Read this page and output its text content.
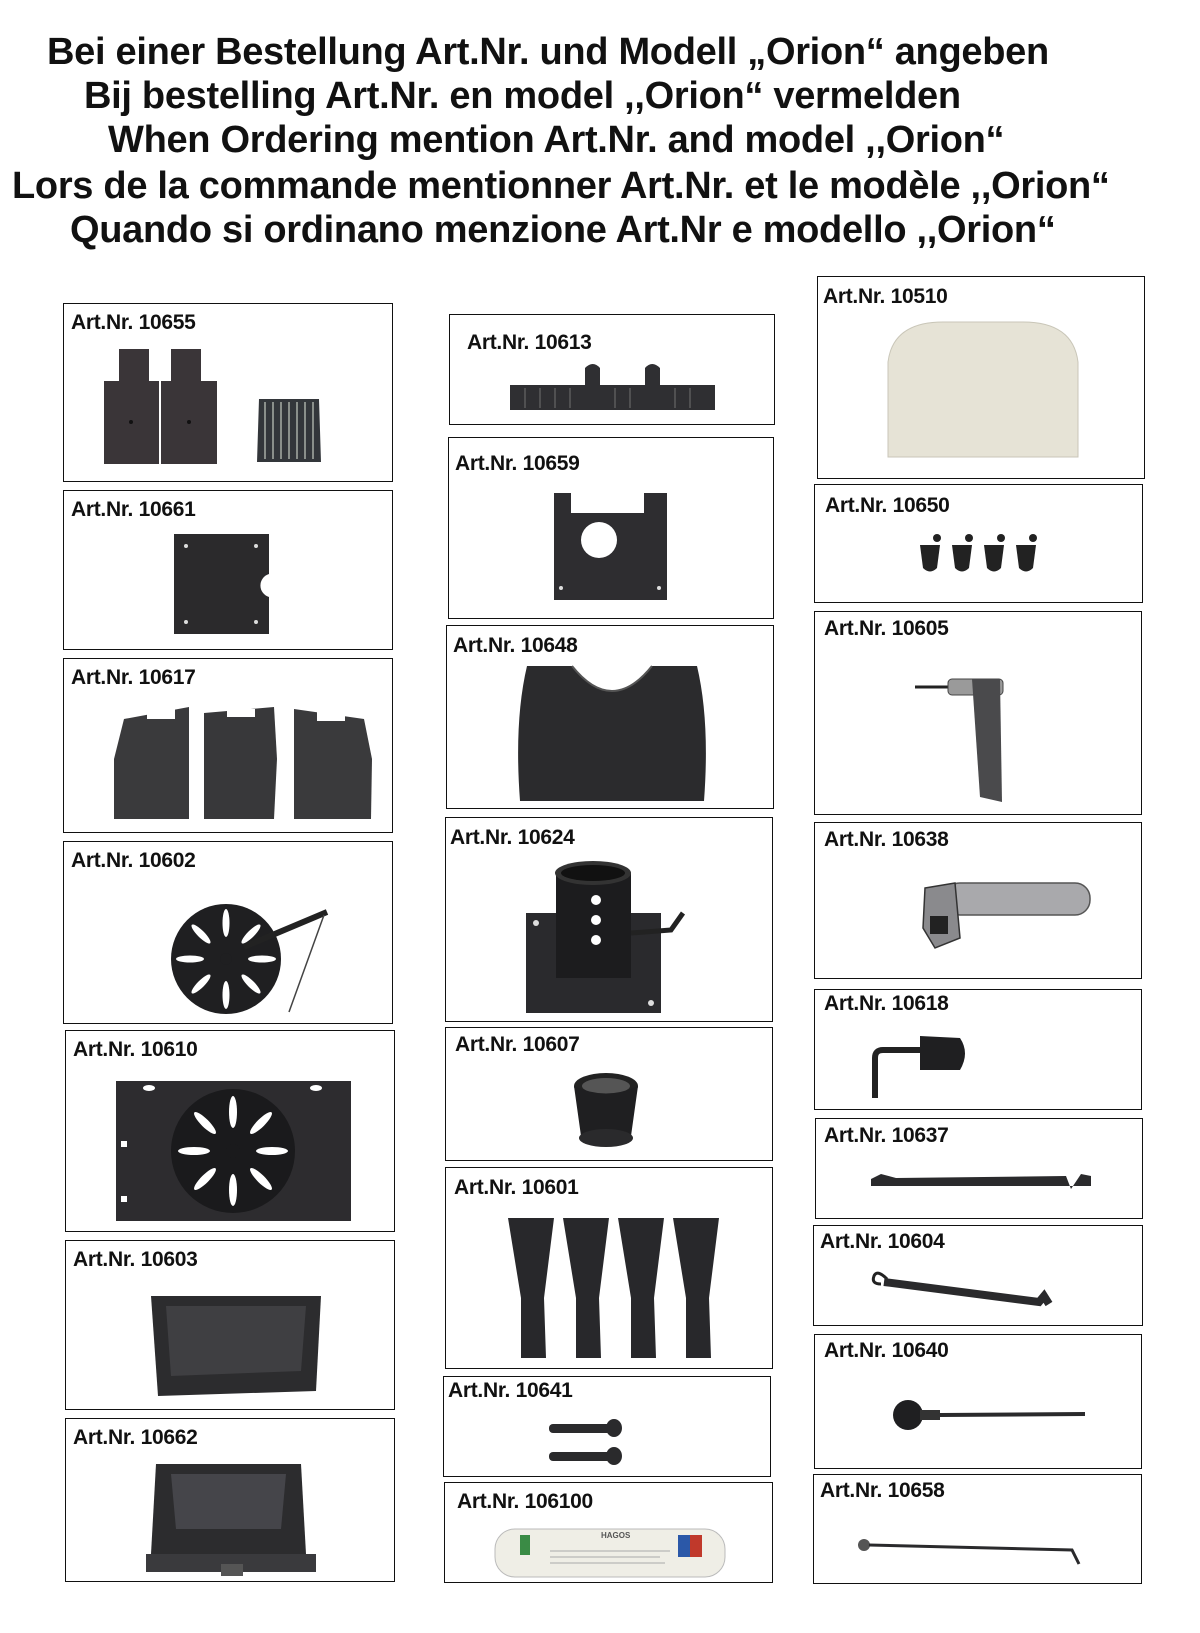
Bei einer Bestellung Art.Nr. und Modell „Orion“ angeben
Bij bestelling Art.Nr. en model ,,Orion“ vermelden
When Ordering mention Art.Nr. and model ,,Orion“
Lors de la commande mentionner Art.Nr. et le modèle ,,Orion“
Quando si ordinano menzione Art.Nr e modello ,,Orion“
Art.Nr. 10655
Art.Nr. 10661
Art.Nr. 10617
Art.Nr. 10602
Art.Nr. 10610
Art.Nr. 10603
Art.Nr. 10662
Art.Nr. 10613
Art.Nr. 10659
Art.Nr. 10648
Art.Nr. 10624
Art.Nr. 10607
Art.Nr. 10601
Art.Nr. 10641
Art.Nr. 106100
HAGOS
Art.Nr. 10510
Art.Nr. 10650
Art.Nr. 10605
Art.Nr. 10638
Art.Nr. 10618
Art.Nr. 10637
Art.Nr. 10604
Art.Nr. 10640
Art.Nr. 10658
